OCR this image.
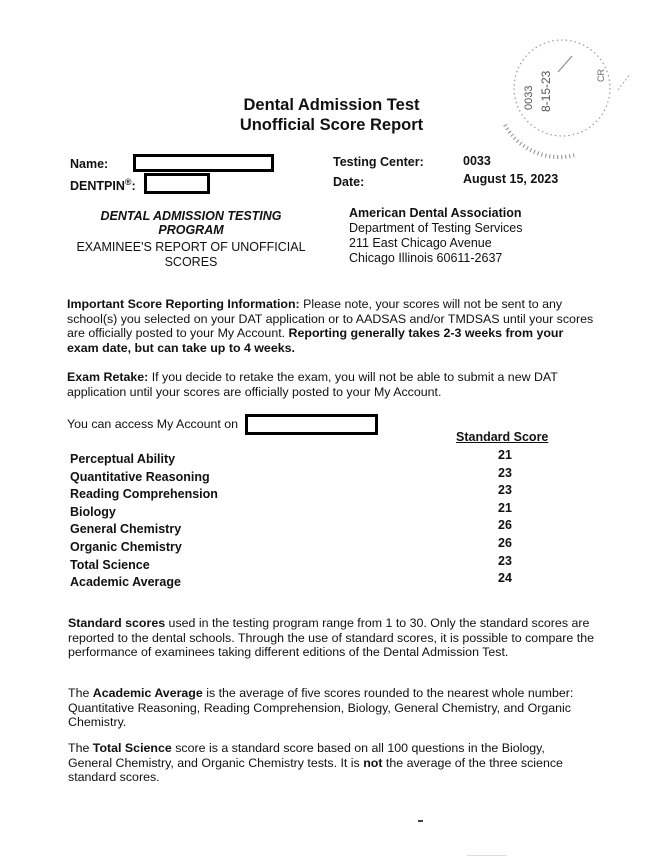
0033 8-15-23	CR
Dental Admission Test
Unofficial Score Report
Name:
DENTPIN®:
Testing Center:	0033
Date:	August 15, 2023
DENTAL ADMISSION TESTING
PROGRAM
EXAMINEE'S REPORT OF UNOFFICIAL
SCORES
American Dental Association
Department of Testing Services
211 East Chicago Avenue
Chicago Illinois 60611-2637
Important Score Reporting Information: Please note, your scores will not be sent to any school(s) you selected on your DAT application or to AADSAS and/or TMDSAS until your scores are officially posted to your My Account. Reporting generally takes 2-3 weeks from your exam date, but can take up to 4 weeks.
Exam Retake: If you decide to retake the exam, you will not be able to submit a new DAT application until your scores are officially posted to your My Account.
You can access My Account on
Standard Score
Perceptual Ability	21
Quantitative Reasoning	23
Reading Comprehension	23
Biology	21
General Chemistry	26
Organic Chemistry	26
Total Science	23
Academic Average	24
Standard scores used in the testing program range from 1 to 30. Only the standard scores are reported to the dental schools. Through the use of standard scores, it is possible to compare the performance of examinees taking different editions of the Dental Admission Test.
The Academic Average is the average of five scores rounded to the nearest whole number: Quantitative Reasoning, Reading Comprehension, Biology, General Chemistry, and Organic Chemistry.
The Total Science score is a standard score based on all 100 questions in the Biology, General Chemistry, and Organic Chemistry tests. It is not the average of the three science standard scores.
